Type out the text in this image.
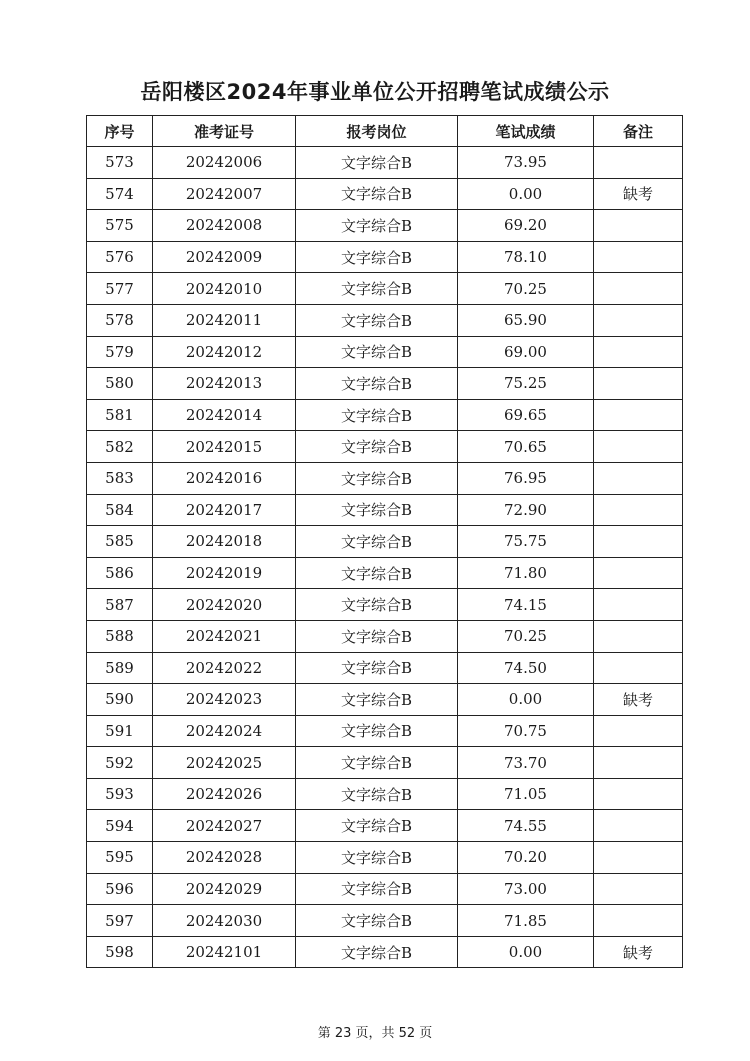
岳阳楼区2024年事业单位公开招聘笔试成绩公示
序号	准考证号	报考岗位	笔试成绩	备注
573	20242006	文字综合B	73.95	
574	20242007	文字综合B	0.00	缺考
575	20242008	文字综合B	69.20	
576	20242009	文字综合B	78.10	
577	20242010	文字综合B	70.25	
578	20242011	文字综合B	65.90	
579	20242012	文字综合B	69.00	
580	20242013	文字综合B	75.25	
581	20242014	文字综合B	69.65	
582	20242015	文字综合B	70.65	
583	20242016	文字综合B	76.95	
584	20242017	文字综合B	72.90	
585	20242018	文字综合B	75.75	
586	20242019	文字综合B	71.80	
587	20242020	文字综合B	74.15	
588	20242021	文字综合B	70.25	
589	20242022	文字综合B	74.50	
590	20242023	文字综合B	0.00	缺考
591	20242024	文字综合B	70.75	
592	20242025	文字综合B	73.70	
593	20242026	文字综合B	71.05	
594	20242027	文字综合B	74.55	
595	20242028	文字综合B	70.20	
596	20242029	文字综合B	73.00	
597	20242030	文字综合B	71.85	
598	20242101	文字综合B	0.00	缺考
第 23 页，共 52 页
